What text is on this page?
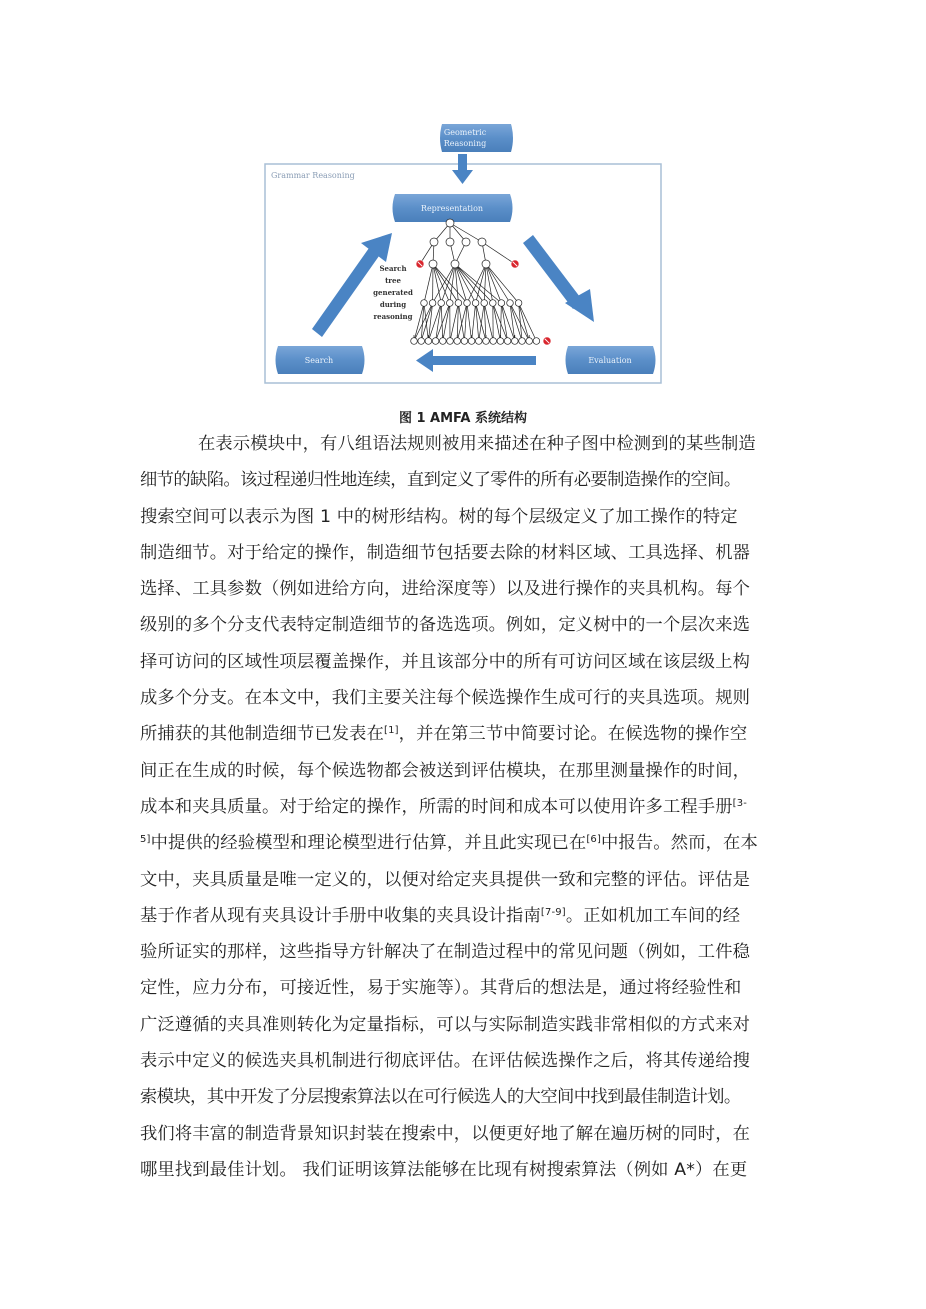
Grammar Reasoning
Geometric
Reasoning
Representation
Search	Evaluation
Search
tree
generated
during
reasoning
图 1 AMFA 系统结构
在表示模块中，有八组语法规则被用来描述在种子图中检测到的某些制造
细节的缺陷。该过程递归性地连续，直到定义了零件的所有必要制造操作的空间。
搜索空间可以表示为图 1 中的树形结构。树的每个层级定义了加工操作的特定
制造细节。对于给定的操作，制造细节包括要去除的材料区域、工具选择、机器
选择、工具参数（例如进给方向，进给深度等）以及进行操作的夹具机构。每个
级别的多个分支代表特定制造细节的备选选项。例如，定义树中的一个层次来选
择可访问的区域性项层覆盖操作，并且该部分中的所有可访问区域在该层级上构
成多个分支。在本文中，我们主要关注每个候选操作生成可行的夹具选项。规则
所捕获的其他制造细节已发表在[1]，并在第三节中简要讨论。在候选物的操作空
间正在生成的时候，每个候选物都会被送到评估模块，在那里测量操作的时间，
成本和夹具质量。对于给定的操作，所需的时间和成本可以使用许多工程手册$^{[3-}$
$^{5]}$中提供的经验模型和理论模型进行估算，并且此实现已在[6]中报告。然而，在本
文中，夹具质量是唯一定义的，以便对给定夹具提供一致和完整的评估。评估是
基于作者从现有夹具设计手册中收集的夹具设计指南[7-9]。正如机加工车间的经
验所证实的那样，这些指导方针解决了在制造过程中的常见问题（例如，工件稳
定性，应力分布，可接近性，易于实施等）。其背后的想法是，通过将经验性和
广泛遵循的夹具准则转化为定量指标，可以与实际制造实践非常相似的方式来对
表示中定义的候选夹具机制进行彻底评估。在评估候选操作之后，将其传递给搜
索模块，其中开发了分层搜索算法以在可行候选人的大空间中找到最佳制造计划。
我们将丰富的制造背景知识封装在搜索中，以便更好地了解在遍历树的同时，在
哪里找到最佳计划。 我们证明该算法能够在比现有树搜索算法（例如 A*）在更
